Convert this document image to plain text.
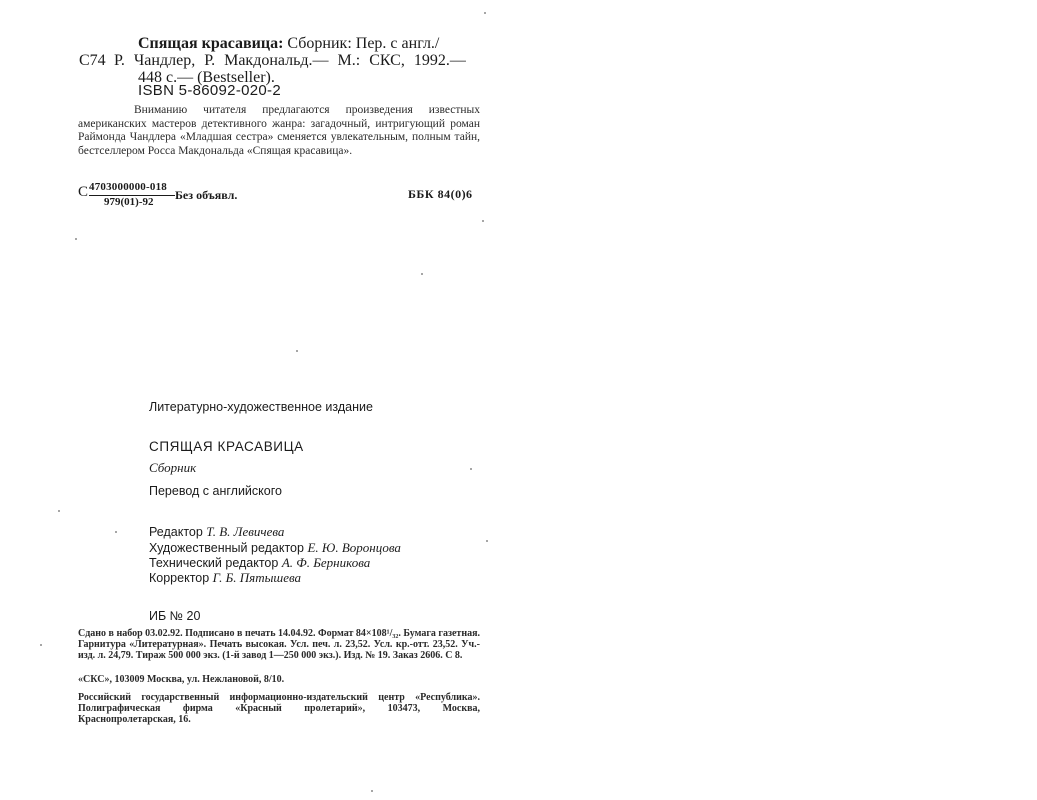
Спящая красавица: Сборник: Пер. с англ./
С74 Р. Чандлер, Р. Макдональд.— М.: СКС, 1992.—
448 с.— (Bestseller).
ISBN 5-86092-020-2

Вниманию читателя предлагаются произведения известных американских мастеров детективного жанра: загадочный, интригующий роман Раймонда Чандлера «Младшая сестра» сменяется увлекательным, полным тайн, бестселлером Росса Макдональда «Спящая красавица».

С 4703000000-018
979(01)-92 Без объявл.	ББК 84(0)6
Литературно-художественное издание
СПЯЩАЯ КРАСАВИЦА
Сборник
Перевод с английского
Редактор Т. В. Левичева
Художественный редактор Е. Ю. Воронцова
Технический редактор А. Ф. Берникова
Корректор Г. Б. Пятышева
ИБ № 20

Сдано в набор 03.02.92. Подписано в печать 14.04.92. Формат 84×108¹/₃₂. Бумага газетная. Гарнитура «Литературная». Печать высокая. Усл. печ. л. 23,52. Усл. кр.-отт. 23,52. Уч.-изд. л. 24,79. Тираж 500 000 экз. (1-й завод 1—250 000 экз.). Изд. № 19. Заказ 2606. С 8.

«СКС», 103009 Москва, ул. Нежлановой, 8/10.

Российский государственный информационно-издательский центр «Республика». Полиграфическая фирма «Красный пролетарий», 103473, Москва, Краснопролетарская, 16.
